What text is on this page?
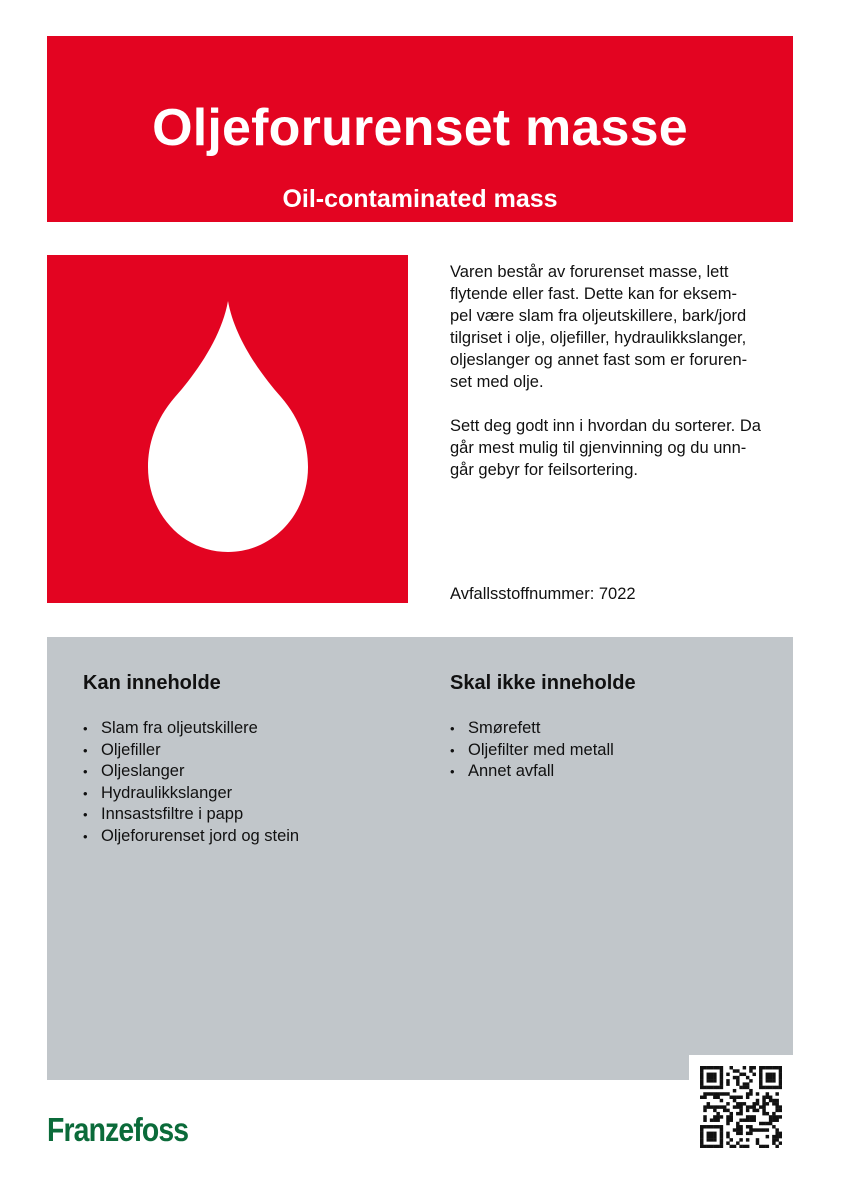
Oljeforurenset masse
Oil-contaminated mass

Varen består av forurenset masse, lett
flytende eller fast. Dette kan for eksem-
pel være slam fra oljeutskillere, bark/jord
tilgriset i olje, oljefiller, hydraulikkslanger,
oljeslanger og annet fast som er foruren-
set med olje.

Sett deg godt inn i hvordan du sorterer. Da
går mest mulig til gjenvinning og du unn-
går gebyr for feilsortering.

Avfallsstoffnummer: 7022
Kan inneholde
• Slam fra oljeutskillere
• Oljefiller
• Oljeslanger
• Hydraulikkslanger
• Innsastsfiltre i papp
• Oljeforurenset jord og stein
Skal ikke inneholde
• Smørefett
• Oljefilter med metall
• Annet avfall
Franzefoss
